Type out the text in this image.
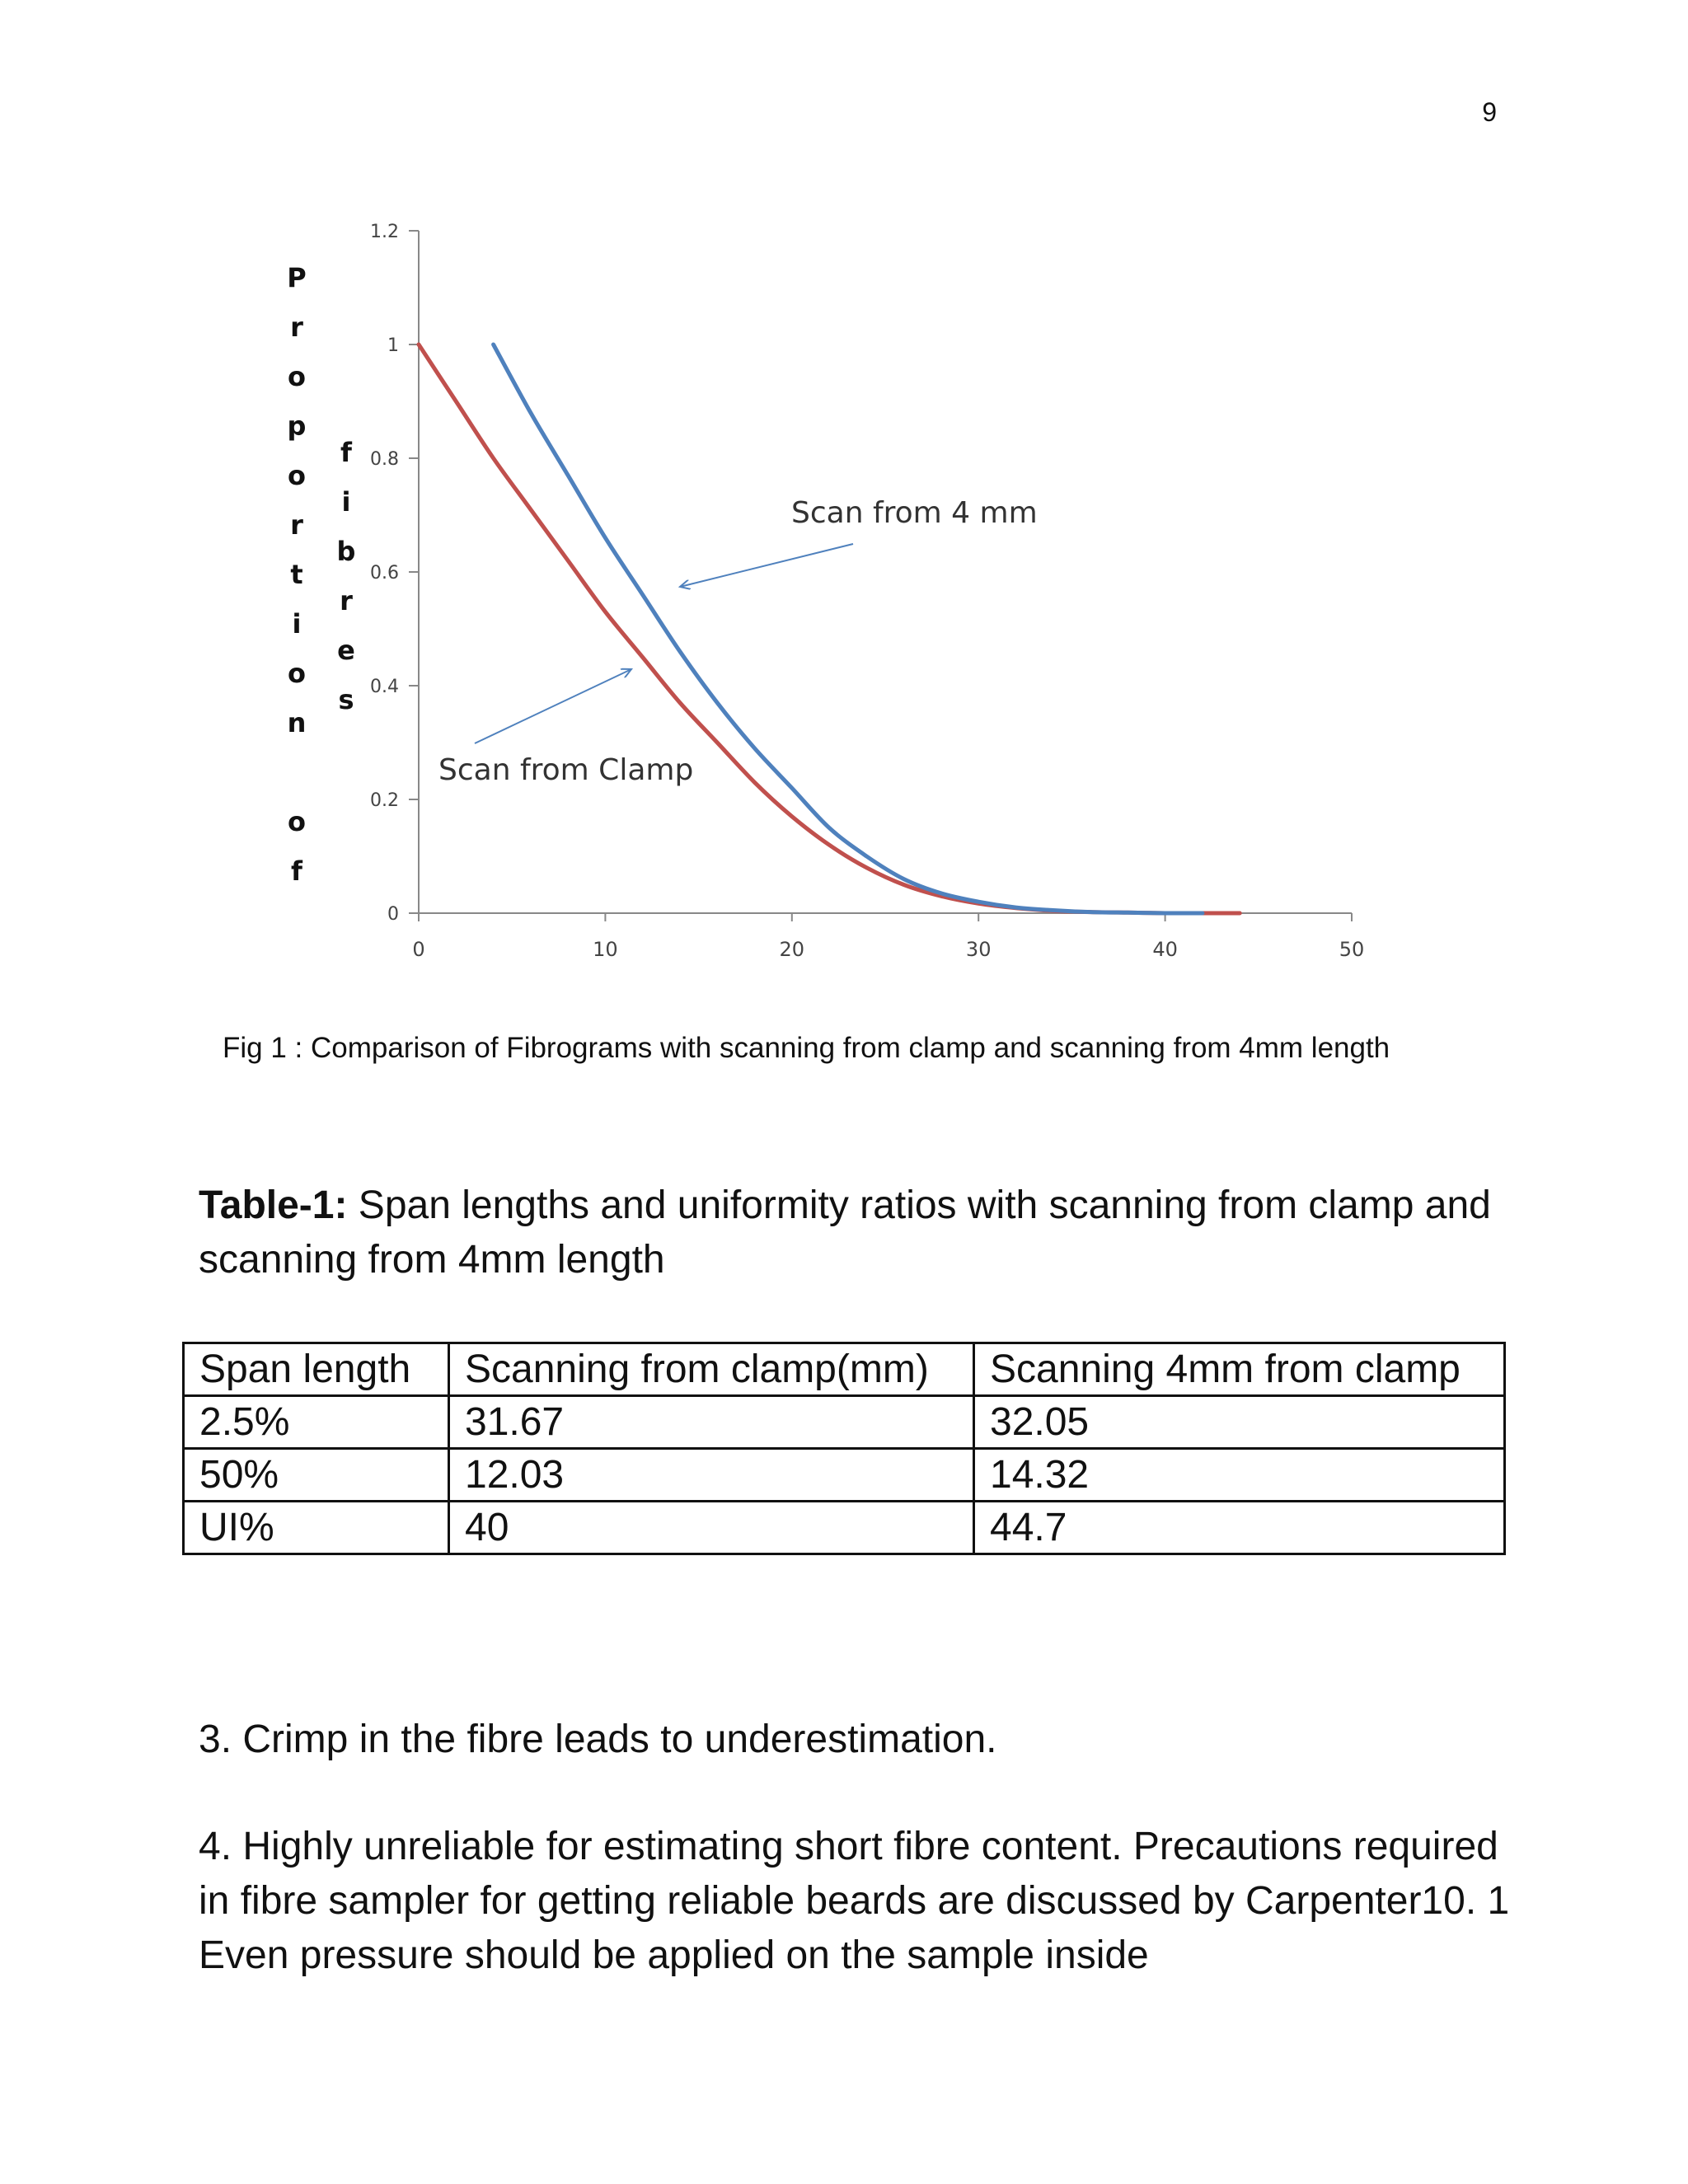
9
P
r
o
p
o
r
t
i
o
n
o
f
f
i
b
r
e
s
0
0.2
0.4
0.6
0.8
1
1.2
0	10	20	30	40	50
Scan from 4 mm
Scan from Clamp
Fig 1 : Comparison of Fibrograms with scanning from clamp and scanning from 4mm length
Table-1: Span lengths and uniformity ratios with scanning from clamp and scanning from 4mm length
Span length	Scanning from clamp(mm)	Scanning 4mm from clamp
2.5%	31.67	32.05
50%	12.03	14.32
UI%	40	44.7

3. Crimp in the fibre leads to underestimation.

4. Highly unreliable for estimating short fibre content. Precautions required in fibre sampler for getting reliable beards are discussed by Carpenter10. 1 Even pressure should be applied on the sample inside
